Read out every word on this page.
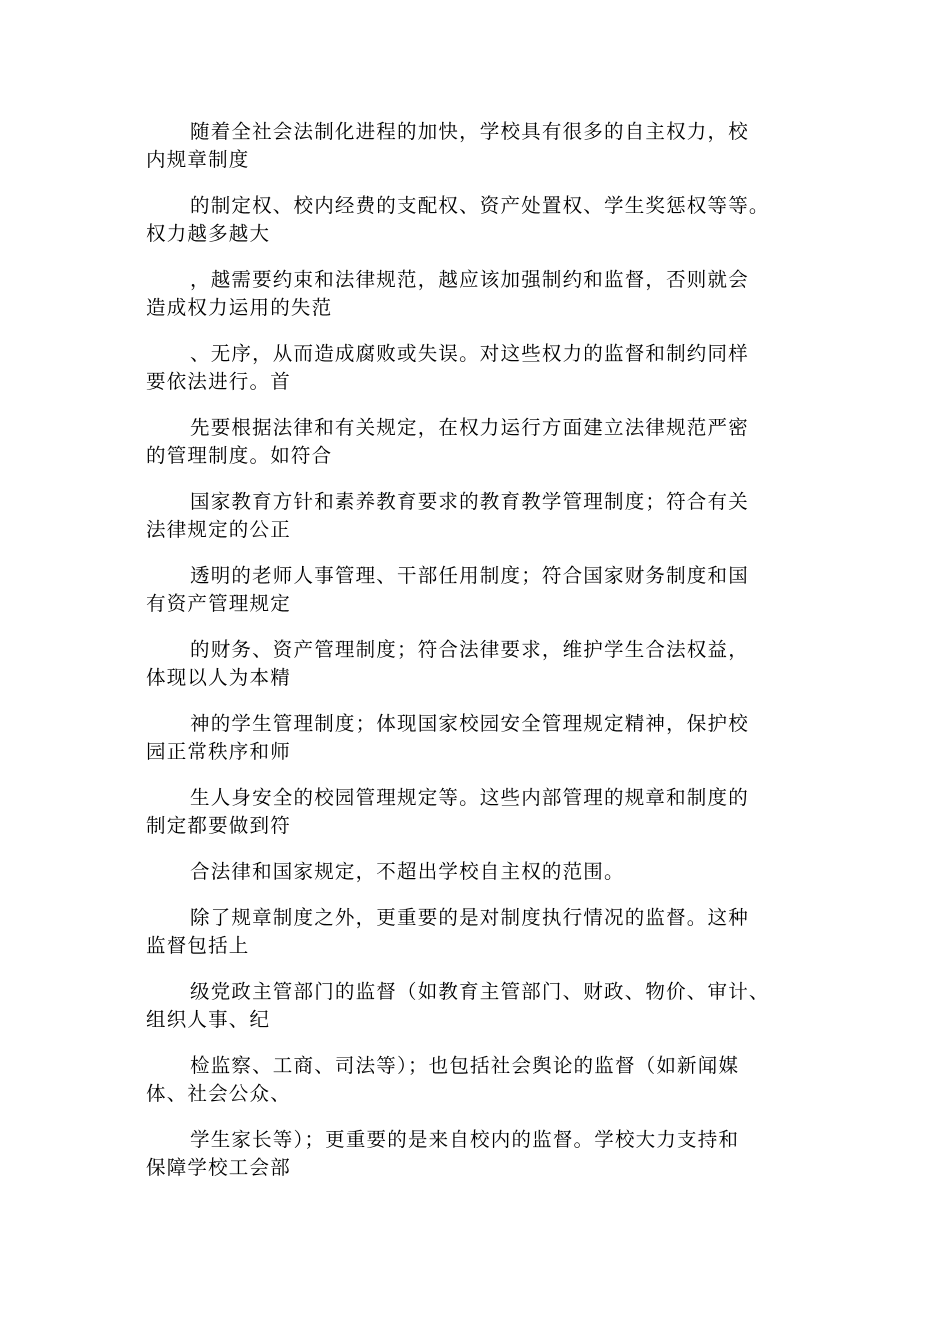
随着全社会法制化进程的加快，学校具有很多的自主权力，校
内规章制度

的制定权、校内经费的支配权、资产处置权、学生奖惩权等等。
权力越多越大

，越需要约束和法律规范，越应该加强制约和监督，否则就会
造成权力运用的失范

、无序，从而造成腐败或失误。对这些权力的监督和制约同样
要依法进行。首

先要根据法律和有关规定，在权力运行方面建立法律规范严密
的管理制度。如符合

国家教育方针和素养教育要求的教育教学管理制度；符合有关
法律规定的公正

透明的老师人事管理、干部任用制度；符合国家财务制度和国
有资产管理规定

的财务、资产管理制度；符合法律要求，维护学生合法权益，
体现以人为本精

神的学生管理制度；体现国家校园安全管理规定精神，保护校
园正常秩序和师

生人身安全的校园管理规定等。这些内部管理的规章和制度的
制定都要做到符

合法律和国家规定，不超出学校自主权的范围。

除了规章制度之外，更重要的是对制度执行情况的监督。这种
监督包括上

级党政主管部门的监督（如教育主管部门、财政、物价、审计、
组织人事、纪

检监察、工商、司法等）；也包括社会舆论的监督（如新闻媒
体、社会公众、

学生家长等）；更重要的是来自校内的监督。学校大力支持和
保障学校工会部
